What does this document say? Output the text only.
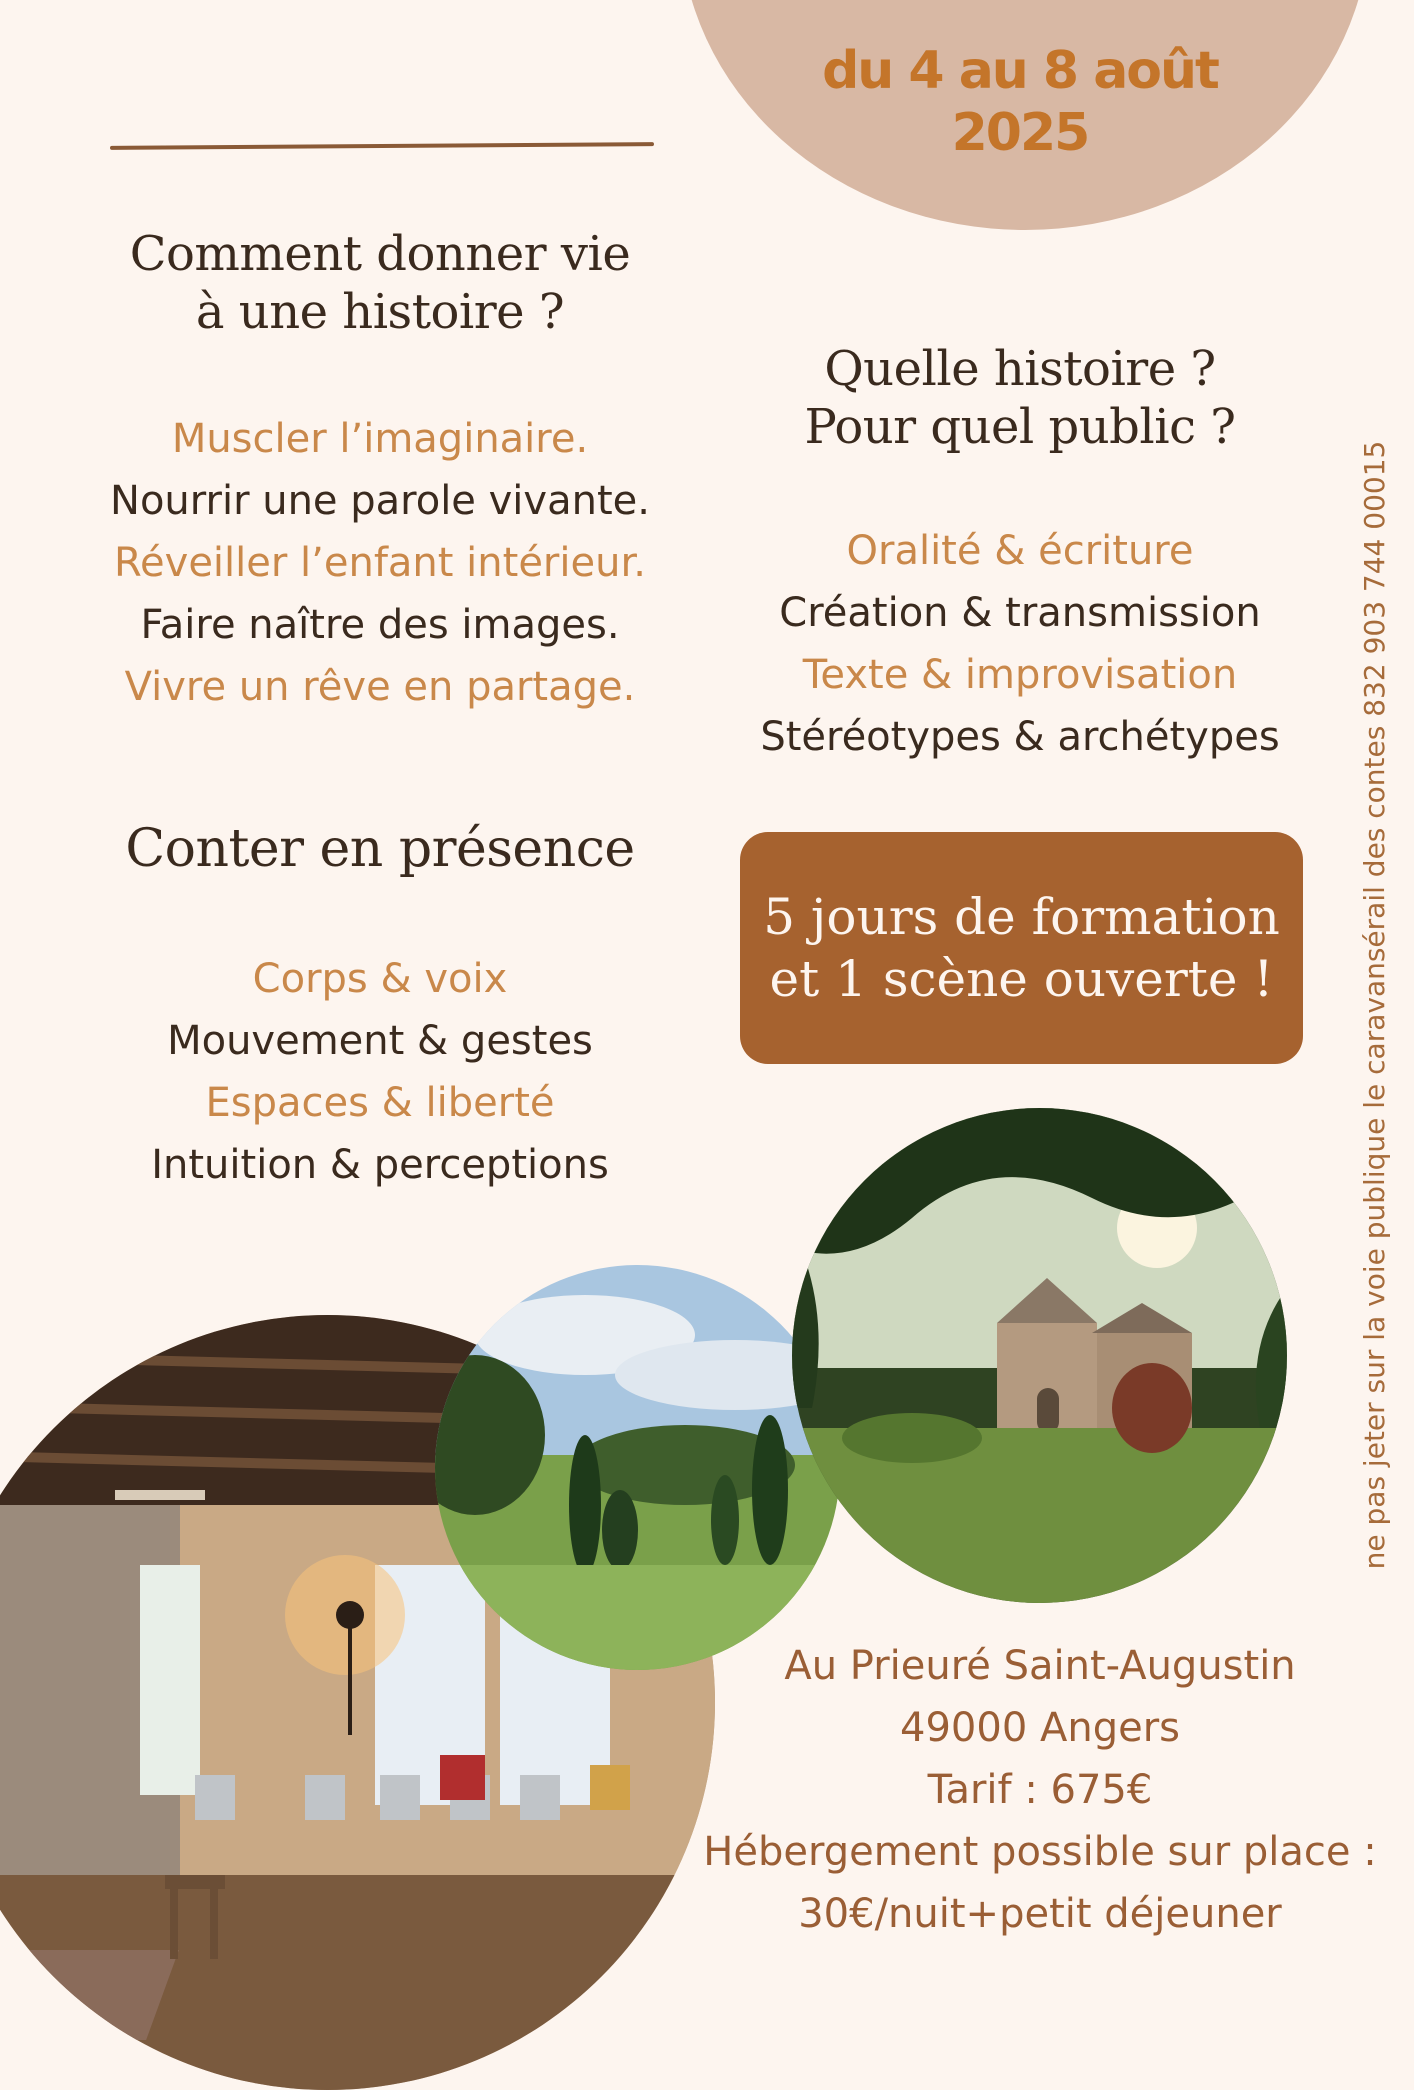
du 4 au 8 août
2025
Comment donner vie
à une histoire ?
Muscler l’imaginaire.
Nourrir une parole vivante.
Réveiller l’enfant intérieur.
Faire naître des images.
Vivre un rêve en partage.
Quelle histoire ?
Pour quel public ?
Oralité & écriture
Création & transmission
Texte & improvisation
Stéréotypes & archétypes
Conter en présence
Corps & voix
Mouvement & gestes
Espaces & liberté
Intuition & perceptions
5 jours de formation
et 1 scène ouverte !	ne pas jeter sur la voie publique le caravansérail des contes 832 903 744 00015
Au Prieuré Saint-Augustin
49000 Angers
Tarif : 675€
Hébergement possible sur place :
30€/nuit+petit déjeuner
